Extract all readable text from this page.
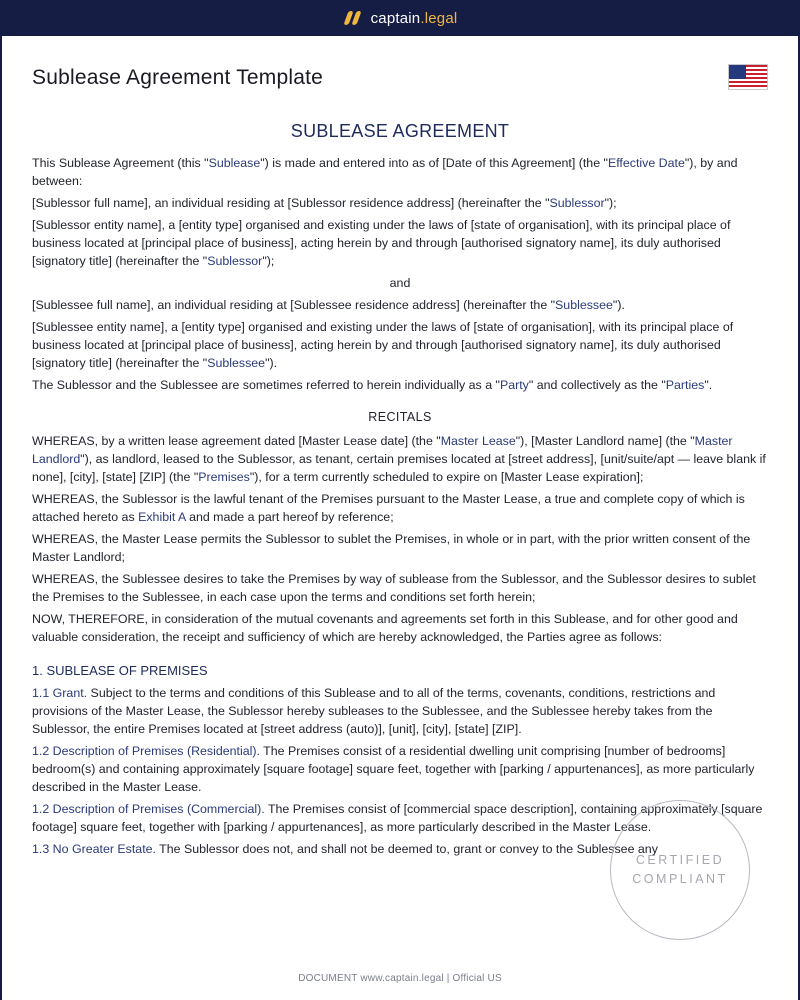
captain.legal
Sublease Agreement Template
SUBLEASE AGREEMENT

This Sublease Agreement (this "Sublease") is made and entered into as of [Date of this Agreement] (the "Effective Date"), by and between:

[Sublessor full name], an individual residing at [Sublessor residence address] (hereinafter the "Sublessor");

[Sublessor entity name], a [entity type] organised and existing under the laws of [state of organisation], with its principal place of business located at [principal place of business], acting herein by and through [authorised signatory name], its duly authorised [signatory title] (hereinafter the "Sublessor");

and

[Sublessee full name], an individual residing at [Sublessee residence address] (hereinafter the "Sublessee").

[Sublessee entity name], a [entity type] organised and existing under the laws of [state of organisation], with its principal place of business located at [principal place of business], acting herein by and through [authorised signatory name], its duly authorised [signatory title] (hereinafter the "Sublessee").

The Sublessor and the Sublessee are sometimes referred to herein individually as a "Party" and collectively as the "Parties".

RECITALS

WHEREAS, by a written lease agreement dated [Master Lease date] (the "Master Lease"), [Master Landlord name] (the "Master Landlord"), as landlord, leased to the Sublessor, as tenant, certain premises located at [street address], [unit/suite/apt — leave blank if none], [city], [state] [ZIP] (the "Premises"), for a term currently scheduled to expire on [Master Lease expiration];

WHEREAS, the Sublessor is the lawful tenant of the Premises pursuant to the Master Lease, a true and complete copy of which is attached hereto as Exhibit A and made a part hereof by reference;

WHEREAS, the Master Lease permits the Sublessor to sublet the Premises, in whole or in part, with the prior written consent of the Master Landlord;

WHEREAS, the Sublessee desires to take the Premises by way of sublease from the Sublessor, and the Sublessor desires to sublet the Premises to the Sublessee, in each case upon the terms and conditions set forth herein;

NOW, THEREFORE, in consideration of the mutual covenants and agreements set forth in this Sublease, and for other good and valuable consideration, the receipt and sufficiency of which are hereby acknowledged, the Parties agree as follows:

1. SUBLEASE OF PREMISES

1.1 Grant. Subject to the terms and conditions of this Sublease and to all of the terms, covenants, conditions, restrictions and provisions of the Master Lease, the Sublessor hereby subleases to the Sublessee, and the Sublessee hereby takes from the Sublessor, the entire Premises located at [street address (auto)], [unit], [city], [state] [ZIP].

1.2 Description of Premises (Residential). The Premises consist of a residential dwelling unit comprising [number of bedrooms] bedroom(s) and containing approximately [square footage] square feet, together with [parking / appurtenances], as more particularly described in the Master Lease.

1.2 Description of Premises (Commercial). The Premises consist of [commercial space description], containing approximately [square footage] square feet, together with [parking / appurtenances], as more particularly described in the Master Lease.

1.3 No Greater Estate. The Sublessor does not, and shall not be deemed to, grant or convey to the Sublessee any

CERTIFIED
COMPLIANT
DOCUMENT www.captain.legal | Official US
